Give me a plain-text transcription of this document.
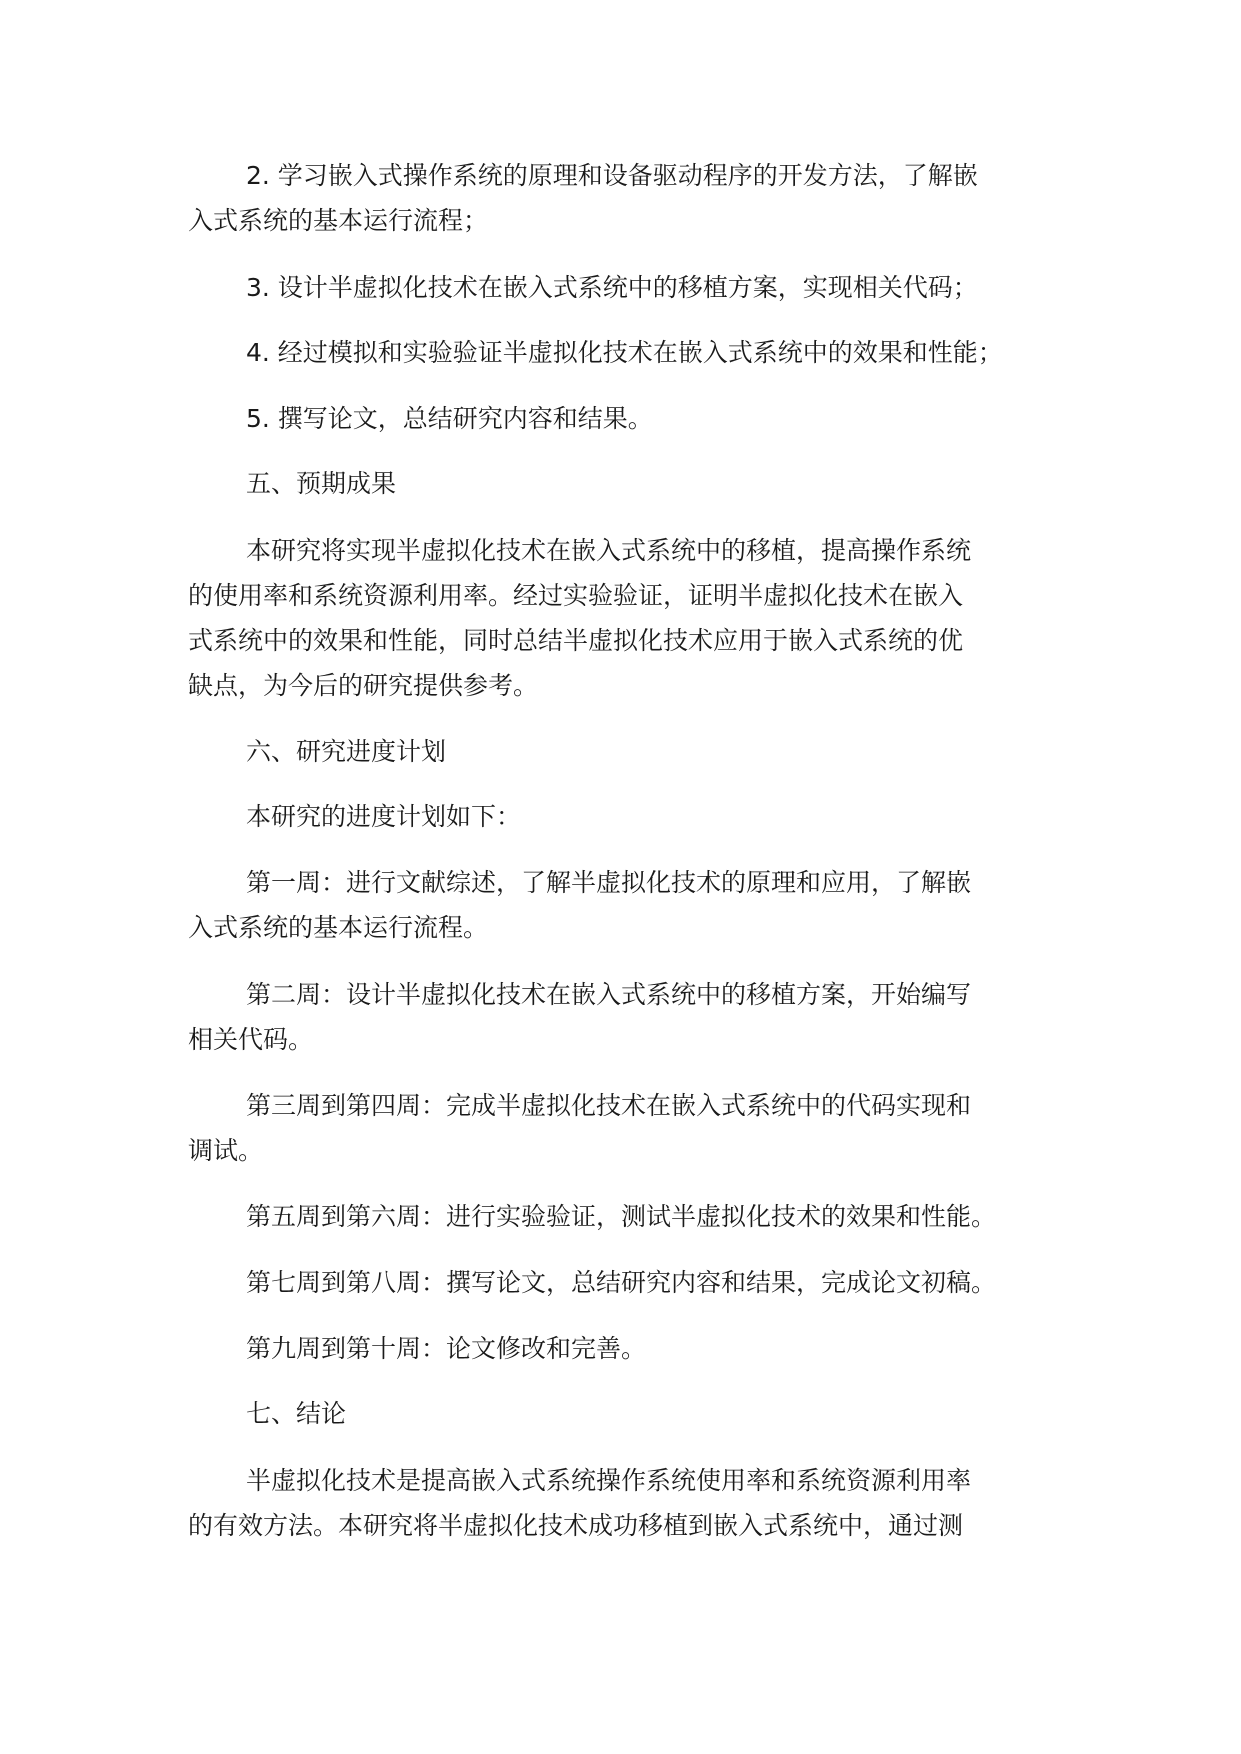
2. 学习嵌入式操作系统的原理和设备驱动程序的开发方法，了解嵌
入式系统的基本运行流程；
3. 设计半虚拟化技术在嵌入式系统中的移植方案，实现相关代码；
4. 经过模拟和实验验证半虚拟化技术在嵌入式系统中的效果和性能；
5. 撰写论文，总结研究内容和结果。
五、预期成果
本研究将实现半虚拟化技术在嵌入式系统中的移植，提高操作系统
的使用率和系统资源利用率。经过实验验证，证明半虚拟化技术在嵌入
式系统中的效果和性能，同时总结半虚拟化技术应用于嵌入式系统的优
缺点，为今后的研究提供参考。
六、研究进度计划
本研究的进度计划如下：
第一周：进行文献综述，了解半虚拟化技术的原理和应用，了解嵌
入式系统的基本运行流程。
第二周：设计半虚拟化技术在嵌入式系统中的移植方案，开始编写
相关代码。
第三周到第四周：完成半虚拟化技术在嵌入式系统中的代码实现和
调试。
第五周到第六周：进行实验验证，测试半虚拟化技术的效果和性能。
第七周到第八周：撰写论文，总结研究内容和结果，完成论文初稿。
第九周到第十周：论文修改和完善。
七、结论
半虚拟化技术是提高嵌入式系统操作系统使用率和系统资源利用率
的有效方法。本研究将半虚拟化技术成功移植到嵌入式系统中，通过测
